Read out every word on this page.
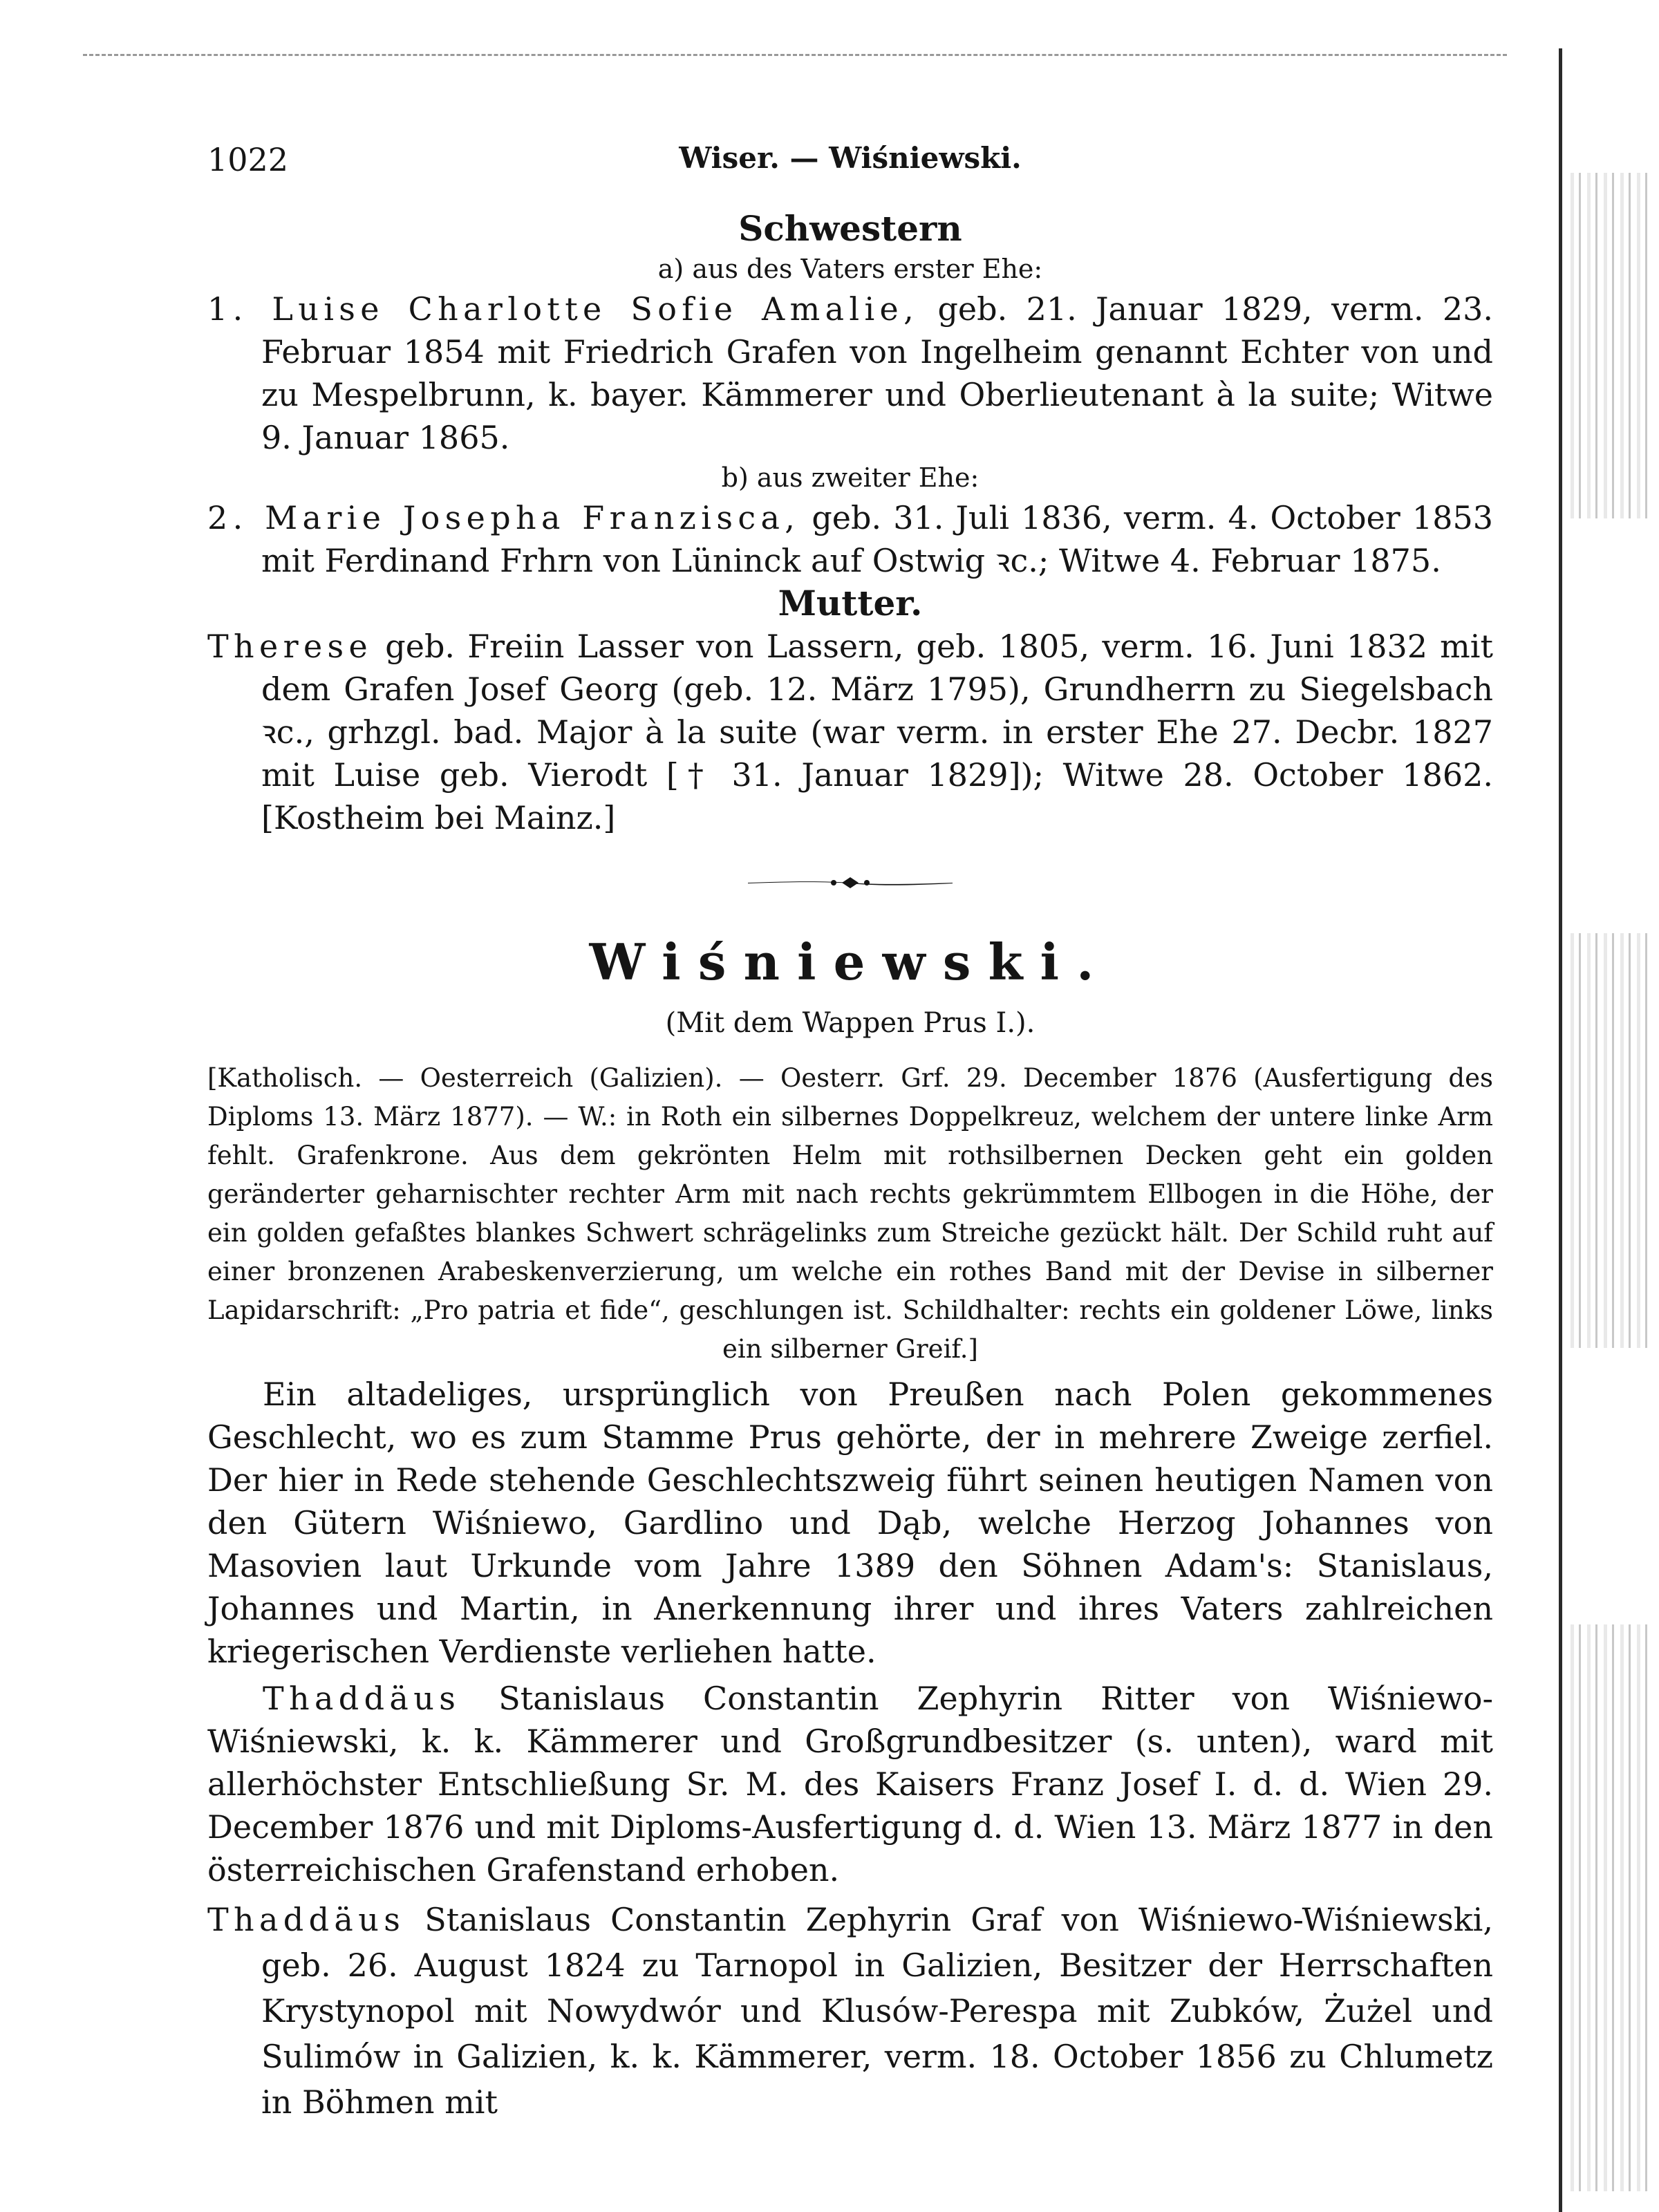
1022	Wiser. — Wiśniewski.

Schwestern

a) aus des Vaters erster Ehe:

1. Luise Charlotte Sofie Amalie, geb. 21. Januar 1829, verm. 23. Februar 1854 mit Friedrich Grafen von Ingelheim genannt Echter von und zu Mespelbrunn, k. bayer. Kämmerer und Oberlieutenant à la suite; Witwe 9. Januar 1865.

b) aus zweiter Ehe:

2. Marie Josepha Franzisca, geb. 31. Juli 1836, verm. 4. October 1853 mit Ferdinand Frhrn von Lüninck auf Ostwig ꝛc.; Witwe 4. Februar 1875.

Mutter.

Therese geb. Freiin Lasser von Lassern, geb. 1805, verm. 16. Juni 1832 mit dem Grafen Josef Georg (geb. 12. März 1795), Grundherrn zu Siegelsbach ꝛc., grhzgl. bad. Major à la suite (war verm. in erster Ehe 27. Decbr. 1827 mit Luise geb. Vierodt [† 31. Januar 1829]); Witwe 28. October 1862. [Kostheim bei Mainz.]

Wiśniewski.

(Mit dem Wappen Prus I.).

[Katholisch. — Oesterreich (Galizien). — Oesterr. Grf. 29. December 1876 (Ausfertigung des Diploms 13. März 1877). — W.: in Roth ein silbernes Doppelkreuz, welchem der untere linke Arm fehlt. Grafenkrone. Aus dem gekrönten Helm mit rothsilbernen Decken geht ein golden geränderter geharnischter rechter Arm mit nach rechts gekrümmtem Ellbogen in die Höhe, der ein golden gefaßtes blankes Schwert schrägelinks zum Streiche gezückt hält. Der Schild ruht auf einer bronzenen Arabeskenverzierung, um welche ein rothes Band mit der Devise in silberner Lapidarschrift: „Pro patria et fide“, geschlungen ist. Schildhalter: rechts ein goldener Löwe, links ein silberner Greif.]

Ein altadeliges, ursprünglich von Preußen nach Polen gekommenes Geschlecht, wo es zum Stamme Prus gehörte, der in mehrere Zweige zerfiel. Der hier in Rede stehende Geschlechtszweig führt seinen heutigen Namen von den Gütern Wiśniewo, Gardlino und Dąb, welche Herzog Johannes von Masovien laut Urkunde vom Jahre 1389 den Söhnen Adam's: Stanislaus, Johannes und Martin, in Anerkennung ihrer und ihres Vaters zahlreichen kriegerischen Verdienste verliehen hatte.

Thaddäus Stanislaus Constantin Zephyrin Ritter von Wiśniewo-Wiśniewski, k. k. Kämmerer und Großgrundbesitzer (s. unten), ward mit allerhöchster Entschließung Sr. M. des Kaisers Franz Josef I. d. d. Wien 29. December 1876 und mit Diploms-Ausfertigung d. d. Wien 13. März 1877 in den österreichischen Grafenstand erhoben.

Thaddäus Stanislaus Constantin Zephyrin Graf von Wiśniewo-Wiśniewski, geb. 26. August 1824 zu Tarnopol in Galizien, Besitzer der Herrschaften Krystynopol mit Nowydwór und Klusów-Perespa mit Zubków, Żużel und Sulimów in Galizien, k. k. Kämmerer, verm. 18. October 1856 zu Chlumetz in Böhmen mit
